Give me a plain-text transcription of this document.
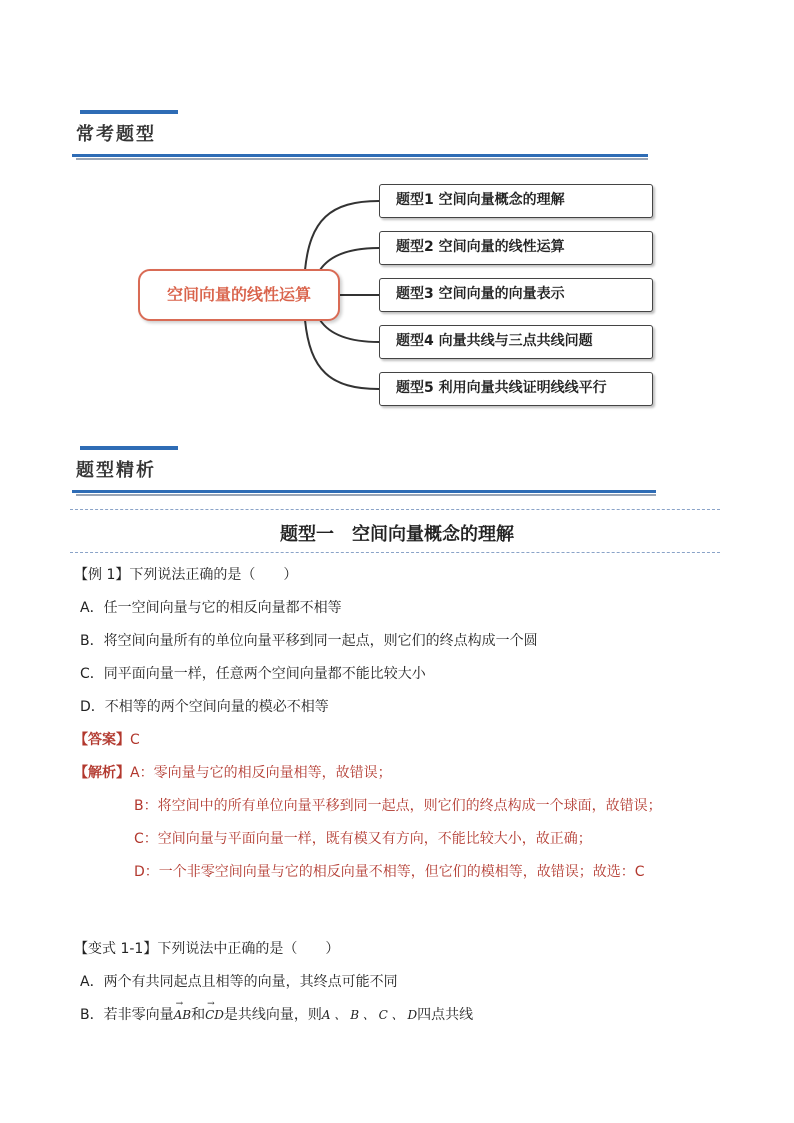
常考题型
空间向量的线性运算
题型1 空间向量概念的理解
题型2 空间向量的线性运算
题型3 空间向量的向量表示
题型4 向量共线与三点共线问题
题型5 利用向量共线证明线线平行
题型精析
题型一　空间向量概念的理解
【例 1】下列说法正确的是（　　）
A．任一空间向量与它的相反向量都不相等
B．将空间向量所有的单位向量平移到同一起点，则它们的终点构成一个圆
C．同平面向量一样，任意两个空间向量都不能比较大小
D．不相等的两个空间向量的模必不相等
【答案】C
【解析】A：零向量与它的相反向量相等，故错误；
B：将空间中的所有单位向量平移到同一起点，则它们的终点构成一个球面，故错误；
C：空间向量与平面向量一样，既有模又有方向，不能比较大小，故正确；
D：一个非零空间向量与它的相反向量不相等，但它们的模相等，故错误；故选：C
【变式 1-1】下列说法中正确的是（　　）
A．两个有共同起点且相等的向量，其终点可能不同
B．若非零向量→ AB和→ CD是共线向量，则A 、 B 、 C 、 D四点共线
